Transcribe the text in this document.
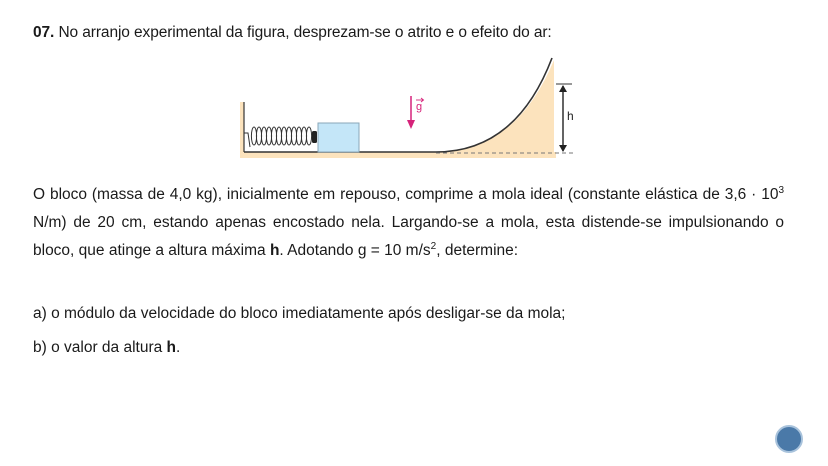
07. No arranjo experimental da figura, desprezam-se o atrito e o efeito do ar:
g
h
O bloco (massa de 4,0 kg), inicialmente em repouso, comprime a mola ideal (constante elástica de $3,6 \cdot 10^3$
N/m) de 20 cm, estando apenas encostado nela. Largando-se a mola, esta distende-se impulsionando o
bloco, que atinge a altura máxima h. Adotando g = 10 $m/s^2$, determine:
a) o módulo da velocidade do bloco imediatamente após desligar-se da mola;
b) o valor da altura h.
